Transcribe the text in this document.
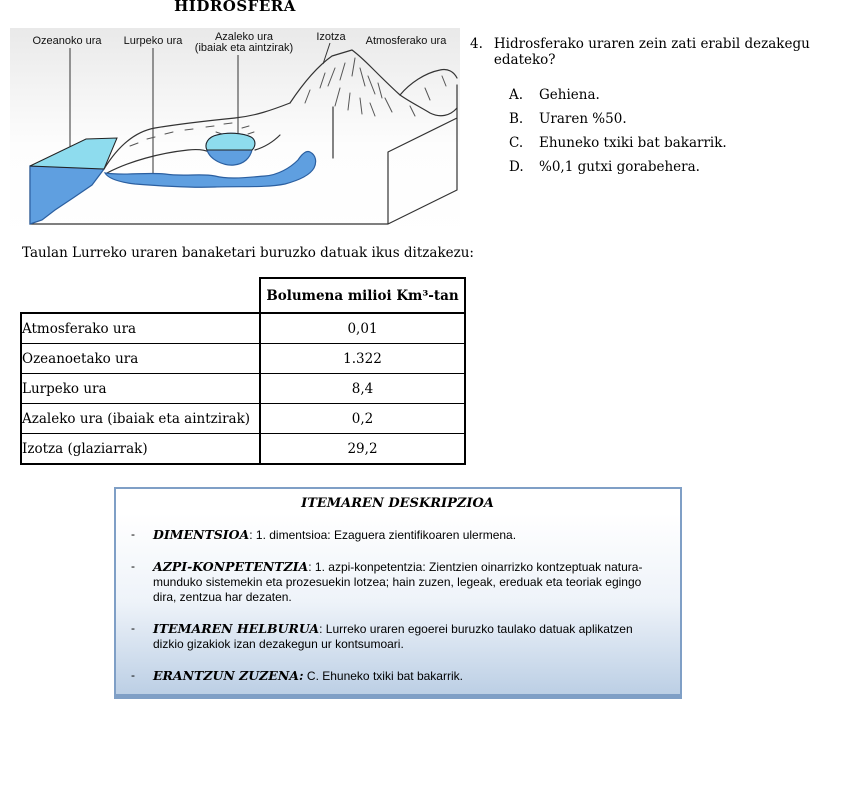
HIDROSFERA
Ozeanoko ura Lurpeko ura	Azaleko ura
(ibaiak eta aintzirak)
Izotza Atmosferako ura 4. Hidrosferako uraren zein zati erabil dezakegu edateko?
A. Gehiena.
B. Uraren %50.
C. Ehuneko txiki bat bakarrik.
D. %0,1 gutxi gorabehera.
Taulan Lurreko uraren banaketari buruzko datuak ikus ditzakezu:
	Bolumena milioi Km³-tan
Atmosferako ura	0,01
Ozeanoetako ura	1.322
Lurpeko ura	8,4
Azaleko ura (ibaiak eta aintzirak)	0,2
Izotza (glaziarrak)	29,2
ITEMAREN DESKRIPZIOA
- DIMENTSIOA: 1. dimentsioa: Ezaguera zientifikoaren ulermena.
- AZPI-KONPETENTZIA: 1. azpi-konpetentzia: Zientzien oinarrizko kontzeptuak natura-munduko sistemekin eta prozesuekin lotzea; hain zuzen, legeak, ereduak eta teoriak egingo dira, zentzua har dezaten.
- ITEMAREN HELBURUA: Lurreko uraren egoerei buruzko taulako datuak aplikatzen dizkio gizakiok izan dezakegun ur kontsumoari.
- ERANTZUN ZUZENA: C. Ehuneko txiki bat bakarrik.
